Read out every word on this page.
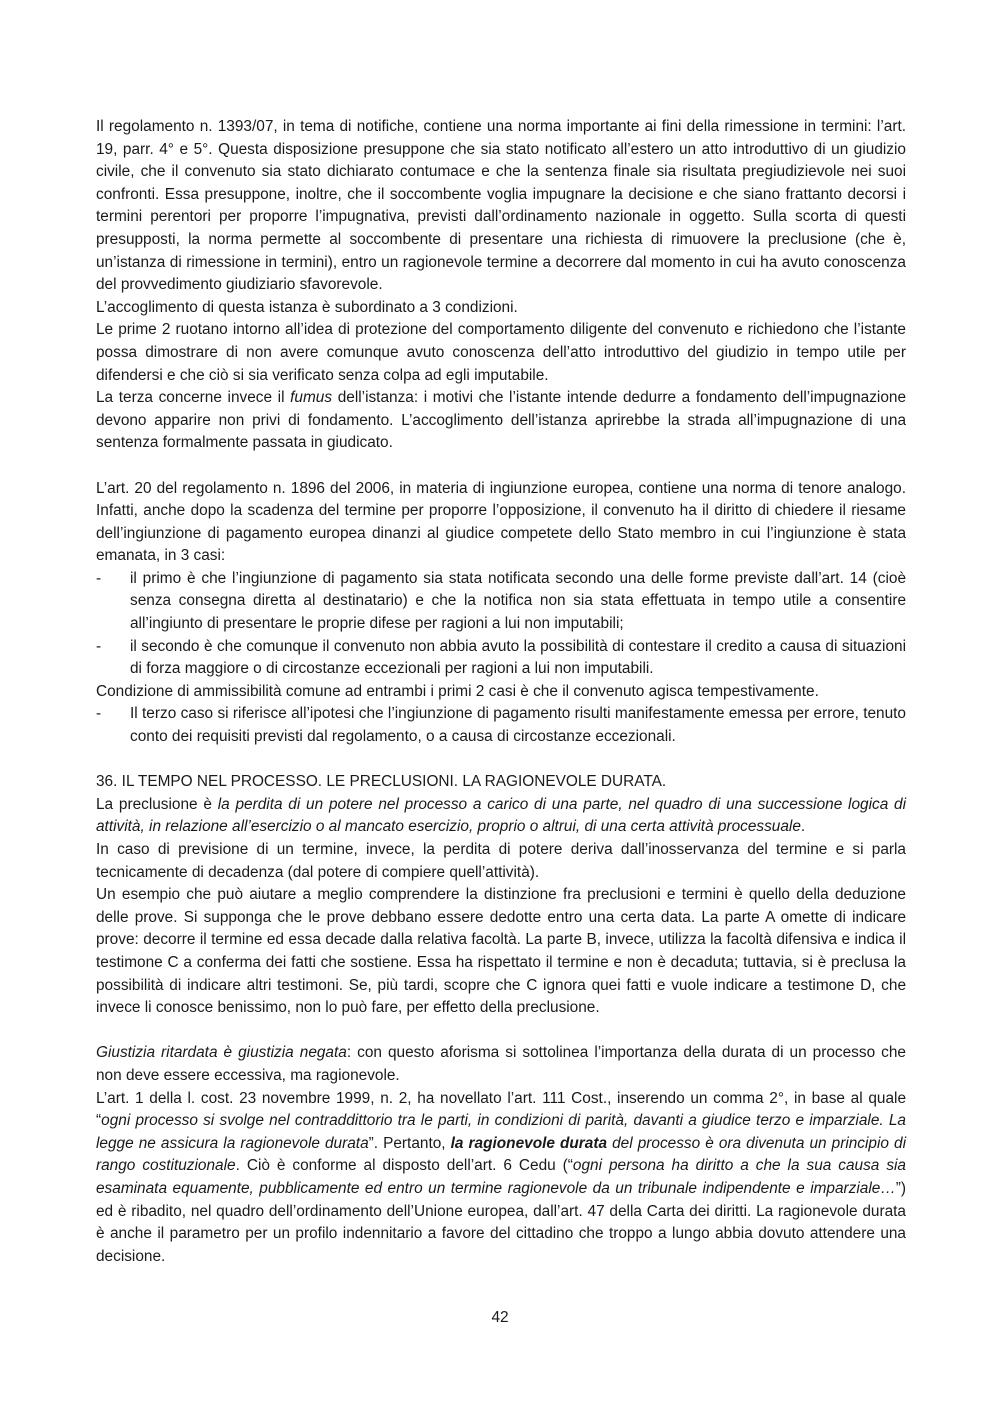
Il regolamento n. 1393/07, in tema di notifiche, contiene una norma importante ai fini della rimessione in termini: l’art. 19, parr. 4° e 5°. Questa disposizione presuppone che sia stato notificato all’estero un atto introduttivo di un giudizio civile, che il convenuto sia stato dichiarato contumace e che la sentenza finale sia risultata pregiudizievole nei suoi confronti. Essa presuppone, inoltre, che il soccombente voglia impugnare la decisione e che siano frattanto decorsi i termini perentori per proporre l’impugnativa, previsti dall’ordinamento nazionale in oggetto. Sulla scorta di questi presupposti, la norma permette al soccombente di presentare una richiesta di rimuovere la preclusione (che è, un’istanza di rimessione in termini), entro un ragionevole termine a decorrere dal momento in cui ha avuto conoscenza del provvedimento giudiziario sfavorevole.

L’accoglimento di questa istanza è subordinato a 3 condizioni.

Le prime 2 ruotano intorno all’idea di protezione del comportamento diligente del convenuto e richiedono che l’istante possa dimostrare di non avere comunque avuto conoscenza dell’atto introduttivo del giudizio in tempo utile per difendersi e che ciò si sia verificato senza colpa ad egli imputabile.

La terza concerne invece il fumus dell’istanza: i motivi che l’istante intende dedurre a fondamento dell’impugnazione devono apparire non privi di fondamento. L’accoglimento dell’istanza aprirebbe la strada all’impugnazione di una sentenza formalmente passata in giudicato.

L’art. 20 del regolamento n. 1896 del 2006, in materia di ingiunzione europea, contiene una norma di tenore analogo. Infatti, anche dopo la scadenza del termine per proporre l’opposizione, il convenuto ha il diritto di chiedere il riesame dell’ingiunzione di pagamento europea dinanzi al giudice competete dello Stato membro in cui l’ingiunzione è stata emanata, in 3 casi:

- il primo è che l’ingiunzione di pagamento sia stata notificata secondo una delle forme previste dall’art. 14 (cioè senza consegna diretta al destinatario) e che la notifica non sia stata effettuata in tempo utile a consentire all’ingiunto di presentare le proprie difese per ragioni a lui non imputabili;
- il secondo è che comunque il convenuto non abbia avuto la possibilità di contestare il credito a causa di situazioni di forza maggiore o di circostanze eccezionali per ragioni a lui non imputabili.

Condizione di ammissibilità comune ad entrambi i primi 2 casi è che il convenuto agisca tempestivamente.

- Il terzo caso si riferisce all’ipotesi che l’ingiunzione di pagamento risulti manifestamente emessa per errore, tenuto conto dei requisiti previsti dal regolamento, o a causa di circostanze eccezionali.

36. IL TEMPO NEL PROCESSO. LE PRECLUSIONI. LA RAGIONEVOLE DURATA.

La preclusione è la perdita di un potere nel processo a carico di una parte, nel quadro di una successione logica di attività, in relazione all’esercizio o al mancato esercizio, proprio o altrui, di una certa attività processuale.

In caso di previsione di un termine, invece, la perdita di potere deriva dall’inosservanza del termine e si parla tecnicamente di decadenza (dal potere di compiere quell’attività).

Un esempio che può aiutare a meglio comprendere la distinzione fra preclusioni e termini è quello della deduzione delle prove. Si supponga che le prove debbano essere dedotte entro una certa data. La parte A omette di indicare prove: decorre il termine ed essa decade dalla relativa facoltà. La parte B, invece, utilizza la facoltà difensiva e indica il testimone C a conferma dei fatti che sostiene. Essa ha rispettato il termine e non è decaduta; tuttavia, si è preclusa la possibilità di indicare altri testimoni. Se, più tardi, scopre che C ignora quei fatti e vuole indicare a testimone D, che invece li conosce benissimo, non lo può fare, per effetto della preclusione.

Giustizia ritardata è giustizia negata: con questo aforisma si sottolinea l’importanza della durata di un processo che non deve essere eccessiva, ma ragionevole.

L’art. 1 della l. cost. 23 novembre 1999, n. 2, ha novellato l’art. 111 Cost., inserendo un comma 2°, in base al quale “ogni processo si svolge nel contraddittorio tra le parti, in condizioni di parità, davanti a giudice terzo e imparziale. La legge ne assicura la ragionevole durata”. Pertanto, la ragionevole durata del processo è ora divenuta un principio di rango costituzionale. Ciò è conforme al disposto dell’art. 6 Cedu (“ogni persona ha diritto a che la sua causa sia esaminata equamente, pubblicamente ed entro un termine ragionevole da un tribunale indipendente e imparziale…”) ed è ribadito, nel quadro dell’ordinamento dell’Unione europea, dall’art. 47 della Carta dei diritti. La ragionevole durata è anche il parametro per un profilo indennitario a favore del cittadino che troppo a lungo abbia dovuto attendere una decisione.

42
